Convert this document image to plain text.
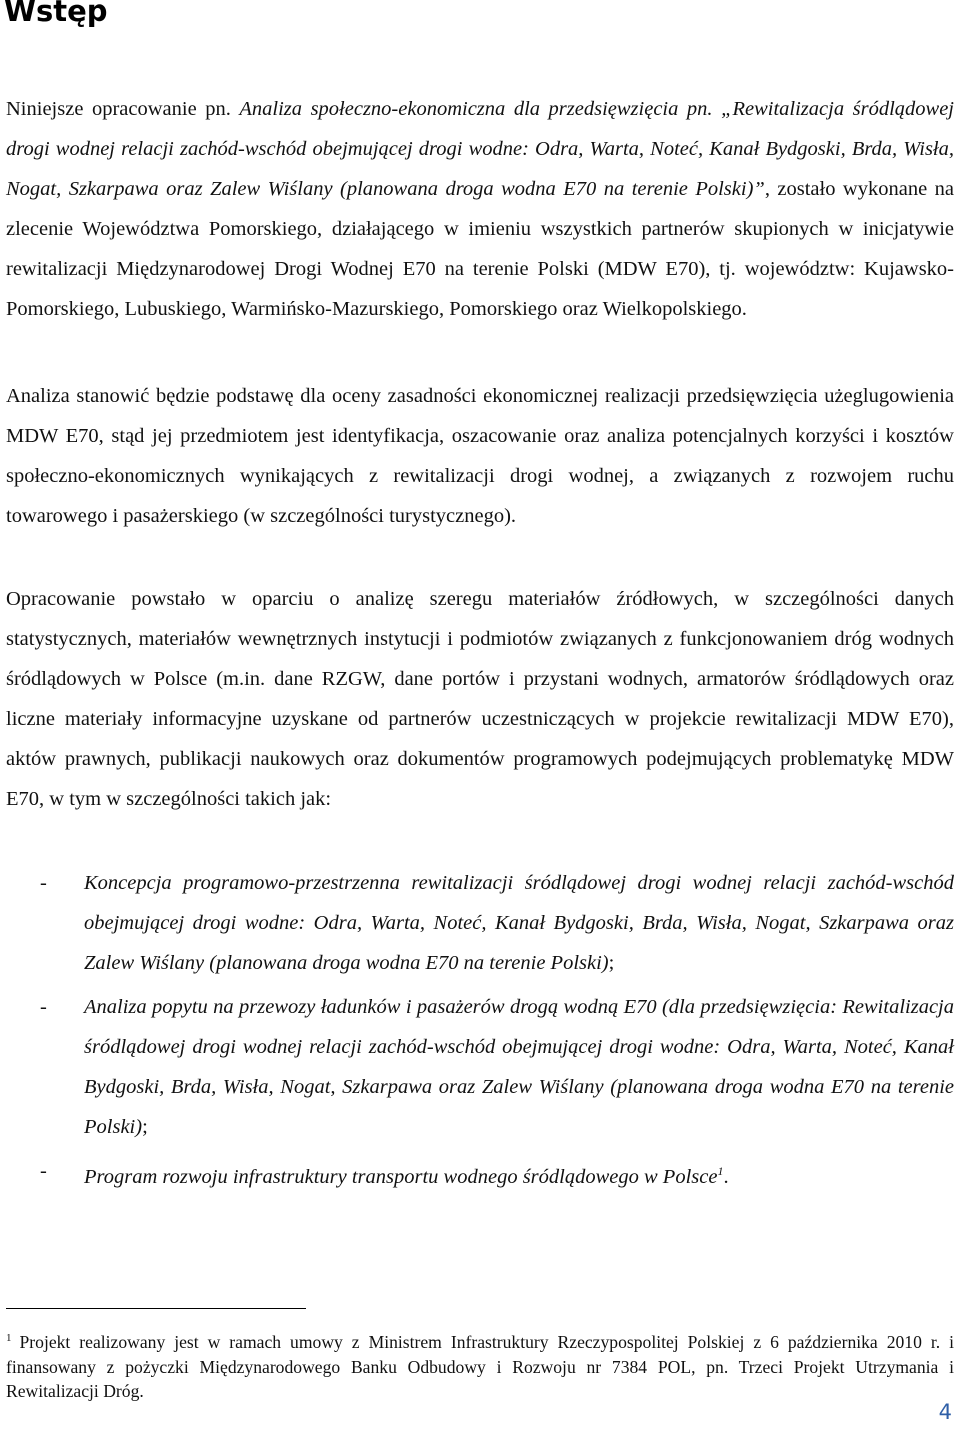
Wstęp

Niniejsze opracowanie pn. Analiza społeczno-ekonomiczna dla przedsięwzięcia pn. „Rewitalizacja śródlądowej drogi wodnej relacji zachód-wschód obejmującej drogi wodne: Odra, Warta, Noteć, Kanał Bydgoski, Brda, Wisła, Nogat, Szkarpawa oraz Zalew Wiślany (planowana droga wodna E70 na terenie Polski)”, zostało wykonane na zlecenie Województwa Pomorskiego, działającego w imieniu wszystkich partnerów skupionych w inicjatywie rewitalizacji Międzynarodowej Drogi Wodnej E70 na terenie Polski (MDW E70), tj. województw: Kujawsko-Pomorskiego, Lubuskiego, Warmińsko-Mazurskiego, Pomorskiego oraz Wielkopolskiego.

Analiza stanowić będzie podstawę dla oceny zasadności ekonomicznej realizacji przedsięwzięcia użeglugowienia MDW E70, stąd jej przedmiotem jest identyfikacja, oszacowanie oraz analiza potencjalnych korzyści i kosztów społeczno-ekonomicznych wynikających z rewitalizacji drogi wodnej, a związanych z rozwojem ruchu towarowego i pasażerskiego (w szczególności turystycznego).

Opracowanie powstało w oparciu o analizę szeregu materiałów źródłowych, w szczególności danych statystycznych, materiałów wewnętrznych instytucji i podmiotów związanych z funkcjonowaniem dróg wodnych śródlądowych w Polsce (m.in. dane RZGW, dane portów i przystani wodnych, armatorów śródlądowych oraz liczne materiały informacyjne uzyskane od partnerów uczestniczących w projekcie rewitalizacji MDW E70), aktów prawnych, publikacji naukowych oraz dokumentów programowych podejmujących problematykę MDW E70, w tym w szczególności takich jak:

- Koncepcja programowo-przestrzenna rewitalizacji śródlądowej drogi wodnej relacji zachód-wschód obejmującej drogi wodne: Odra, Warta, Noteć, Kanał Bydgoski, Brda, Wisła, Nogat, Szkarpawa oraz Zalew Wiślany (planowana droga wodna E70 na terenie Polski);
- Analiza popytu na przewozy ładunków i pasażerów drogą wodną E70 (dla przedsięwzięcia: Rewitalizacja śródlądowej drogi wodnej relacji zachód-wschód obejmującej drogi wodne: Odra, Warta, Noteć, Kanał Bydgoski, Brda, Wisła, Nogat, Szkarpawa oraz Zalew Wiślany (planowana droga wodna E70 na terenie Polski);
- Program rozwoju infrastruktury transportu wodnego śródlądowego w Polsce$^1$.

$^1$ Projekt realizowany jest w ramach umowy z Ministrem Infrastruktury Rzeczypospolitej Polskiej z 6 października 2010 r. i finansowany z pożyczki Międzynarodowego Banku Odbudowy i Rozwoju nr 7384 POL, pn. Trzeci Projekt Utrzymania i Rewitalizacji Dróg.

4
